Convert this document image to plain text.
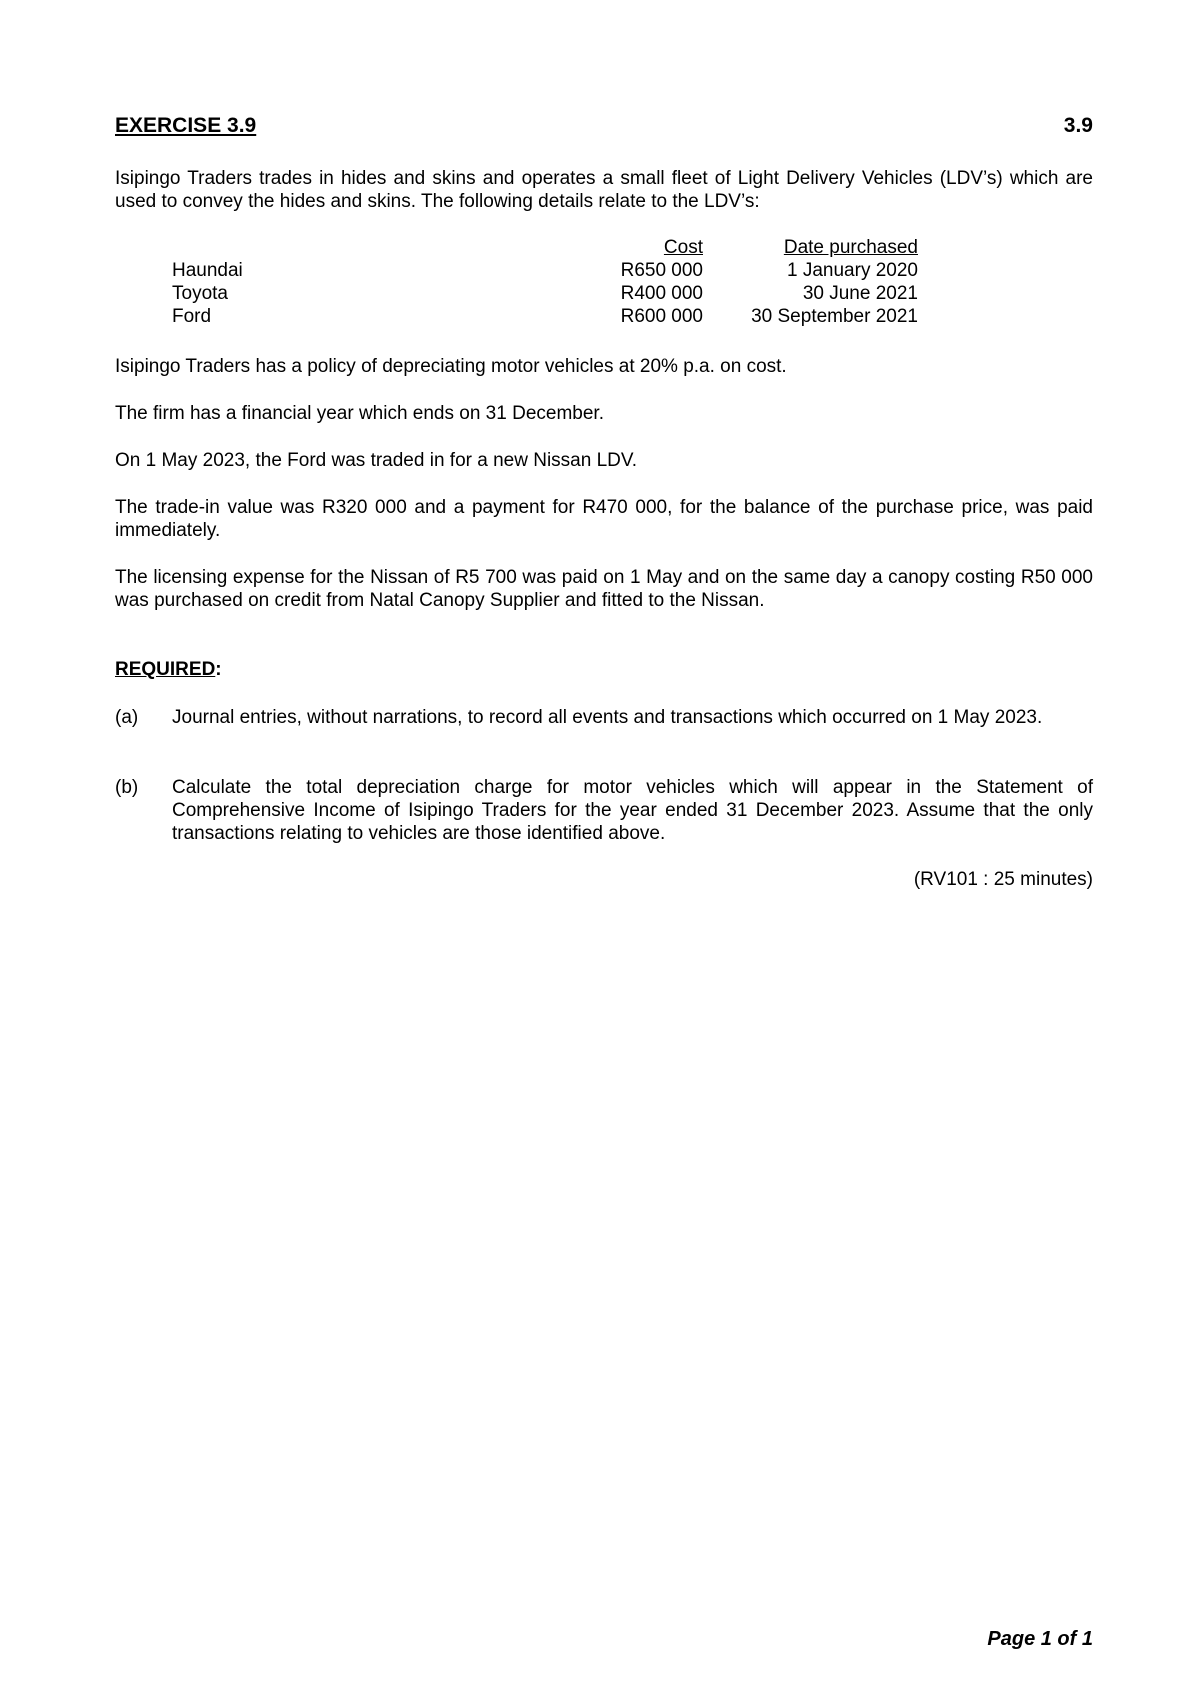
EXERCISE 3.9	3.9

Isipingo Traders trades in hides and skins and operates a small fleet of Light Delivery Vehicles (LDV’s) which are used to convey the hides and skins. The following details relate to the LDV’s:

	Cost	Date purchased
Haundai	R650 000	1 January 2020
Toyota	R400 000	30 June 2021
Ford	R600 000	30 September 2021

Isipingo Traders has a policy of depreciating motor vehicles at 20% p.a. on cost.

The firm has a financial year which ends on 31 December.

On 1 May 2023, the Ford was traded in for a new Nissan LDV.

The trade-in value was R320 000 and a payment for R470 000, for the balance of the purchase price, was paid immediately.

The licensing expense for the Nissan of R5 700 was paid on 1 May and on the same day a canopy costing R50 000 was purchased on credit from Natal Canopy Supplier and fitted to the Nissan.

REQUIRED:
(a) Journal entries, without narrations, to record all events and transactions which occurred on 1 May 2023.

(b) Calculate the total depreciation charge for motor vehicles which will appear in the Statement of Comprehensive Income of Isipingo Traders for the year ended 31 December 2023. Assume that the only transactions relating to vehicles are those identified above.

(RV101 : 25 minutes)
Page 1 of 1
